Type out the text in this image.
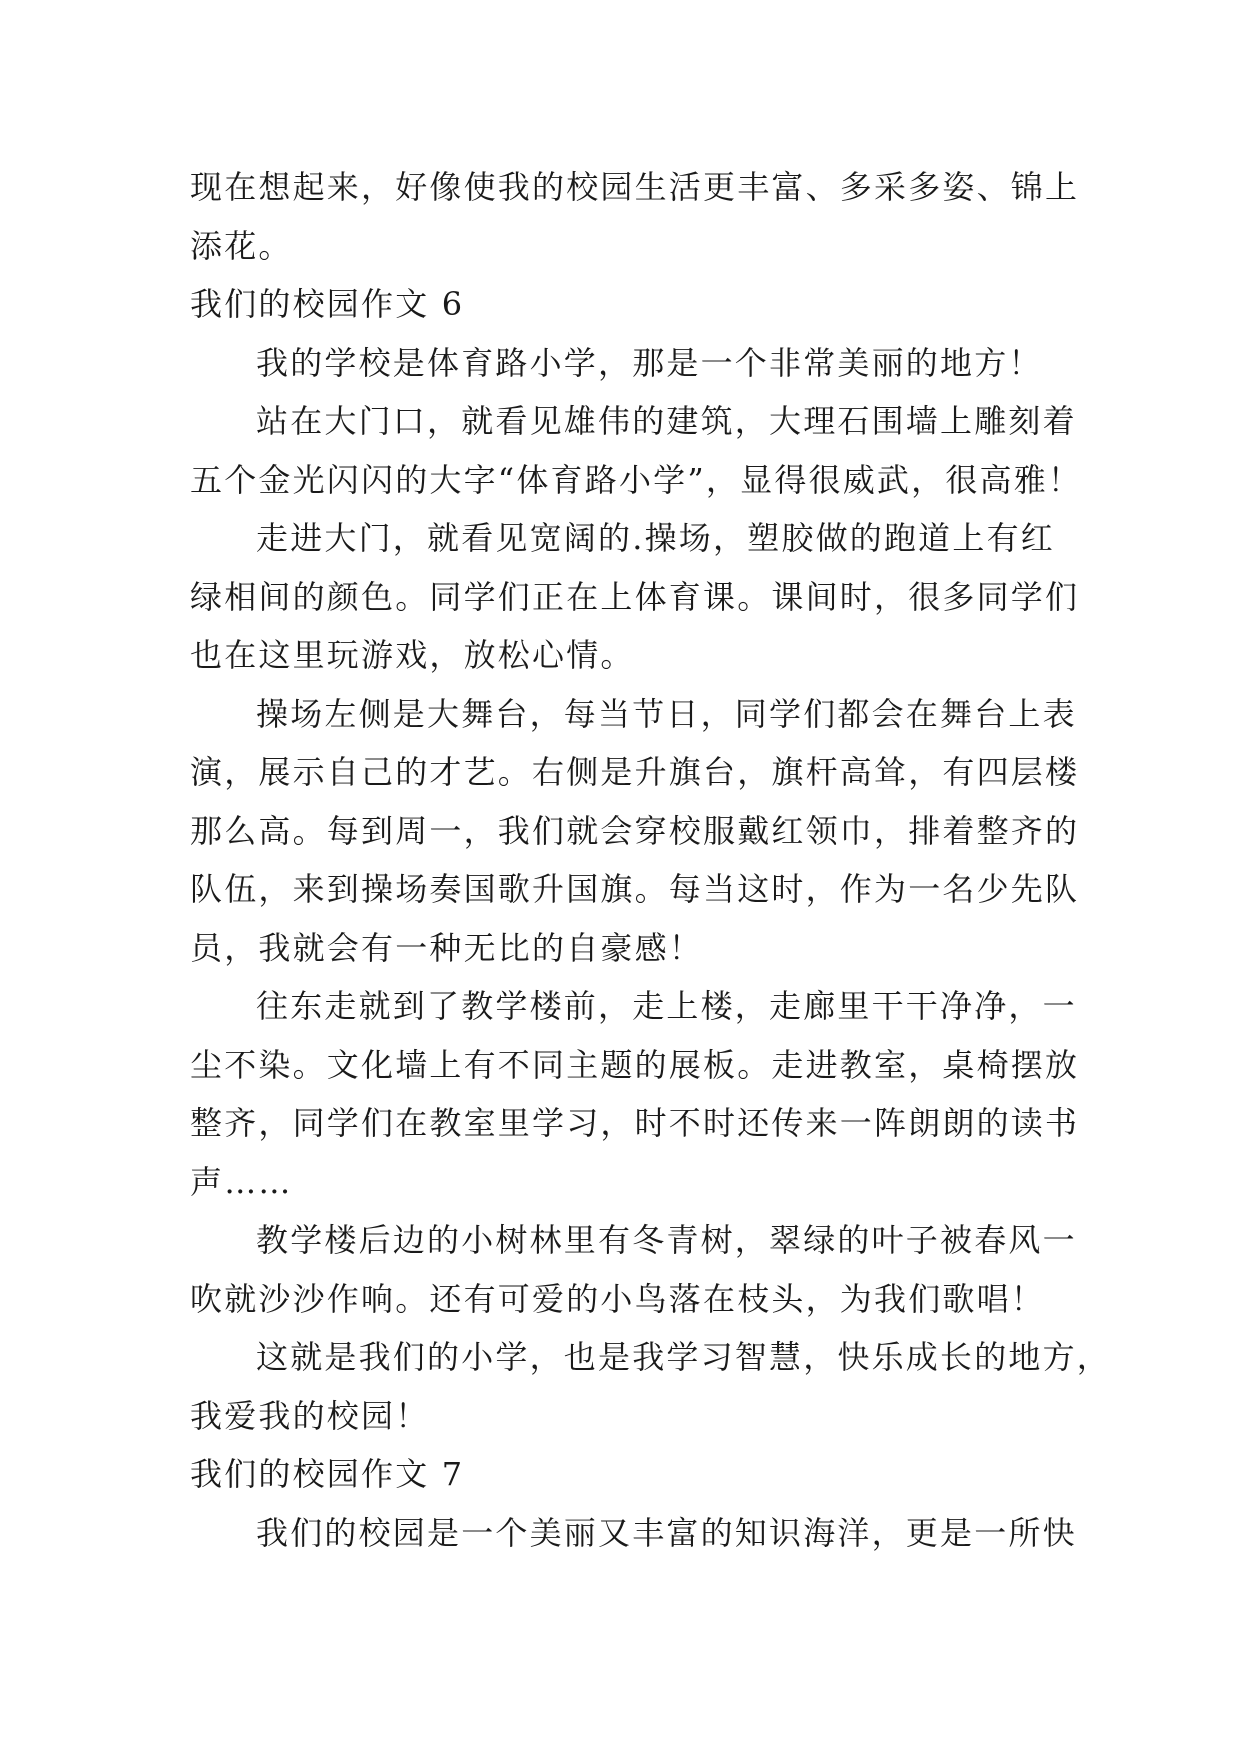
现在想起来，好像使我的校园生活更丰富、多采多姿、锦上
添花。
我们的校园作文 6
我的学校是体育路小学，那是一个非常美丽的地方！
站在大门口，就看见雄伟的建筑，大理石围墙上雕刻着
五个金光闪闪的大字“体育路小学”，显得很威武，很高雅！
走进大门，就看见宽阔的.操场，塑胶做的跑道上有红
绿相间的颜色。同学们正在上体育课。课间时，很多同学们
也在这里玩游戏，放松心情。
操场左侧是大舞台，每当节日，同学们都会在舞台上表
演，展示自己的才艺。右侧是升旗台，旗杆高耸，有四层楼
那么高。每到周一，我们就会穿校服戴红领巾，排着整齐的
队伍，来到操场奏国歌升国旗。每当这时，作为一名少先队
员，我就会有一种无比的自豪感！
往东走就到了教学楼前，走上楼，走廊里干干净净，一
尘不染。文化墙上有不同主题的展板。走进教室，桌椅摆放
整齐，同学们在教室里学习，时不时还传来一阵朗朗的读书
声……
教学楼后边的小树林里有冬青树，翠绿的叶子被春风一
吹就沙沙作响。还有可爱的小鸟落在枝头，为我们歌唱！
这就是我们的小学，也是我学习智慧，快乐成长的地方，
我爱我的校园！
我们的校园作文 7
我们的校园是一个美丽又丰富的知识海洋，更是一所快
